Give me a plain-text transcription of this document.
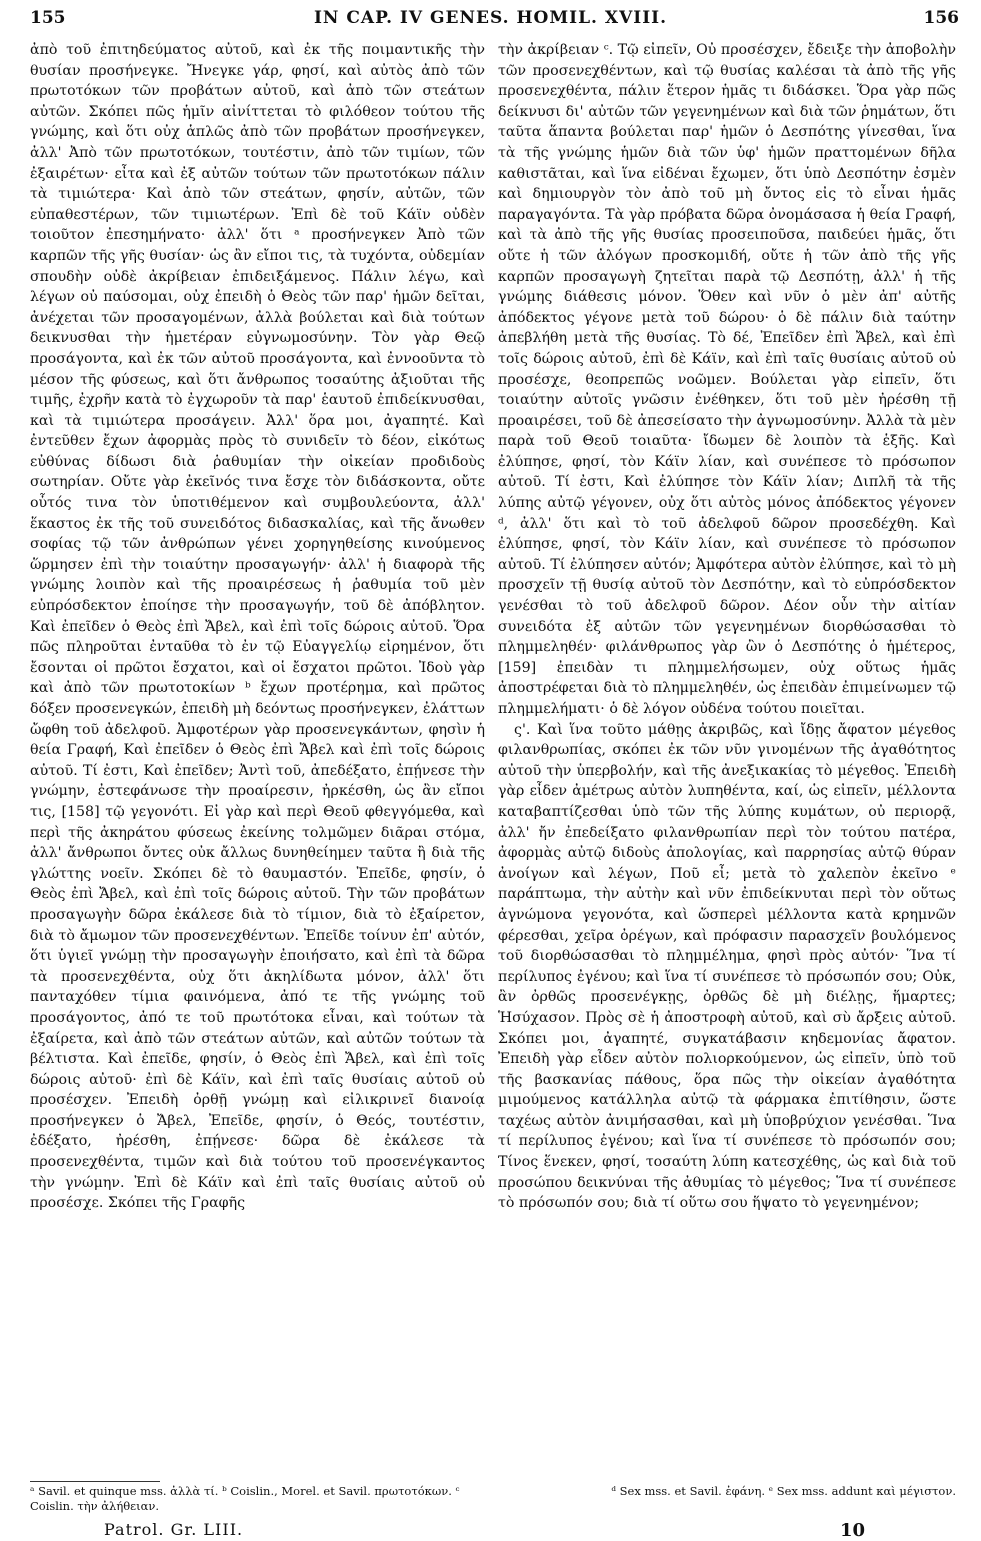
155	IN CAP. IV GENES. HOMIL. XVIII.	156

ἀπὸ τοῦ ἐπιτηδεύματος αὐτοῦ, καὶ ἐκ τῆς ποιμαντικῆς τὴν θυσίαν προσήνεγκε. Ἤνεγκε γάρ, φησί, καὶ αὐτὸς ἀπὸ τῶν πρωτοτόκων τῶν προβάτων αὐτοῦ, καὶ ἀπὸ τῶν στεάτων αὐτῶν. Σκόπει πῶς ἡμῖν αἰνίττεται τὸ φιλόθεον τούτου τῆς γνώμης, καὶ ὅτι οὐχ ἁπλῶς ἀπὸ τῶν προβάτων προσήνεγκεν, ἀλλ' Ἀπὸ τῶν πρωτοτόκων, τουτέστιν, ἀπὸ τῶν τιμίων, τῶν ἐξαιρέτων· εἶτα καὶ ἐξ αὐτῶν τούτων τῶν πρωτοτόκων πάλιν τὰ τιμιώτερα· Καὶ ἀπὸ τῶν στεάτων, φησίν, αὐτῶν, τῶν εὐπαθεστέρων, τῶν τιμιωτέρων. Ἐπὶ δὲ τοῦ Κάϊν οὐδὲν τοιοῦτον ἐπεσημήνατο· ἀλλ' ὅτι ᵃ προσήνεγκεν Ἀπὸ τῶν καρπῶν τῆς γῆς θυσίαν· ὡς ἂν εἴποι τις, τὰ τυχόντα, οὐδεμίαν σπουδὴν οὐδὲ ἀκρίβειαν ἐπιδειξάμενος. Πάλιν λέγω, καὶ λέγων οὐ παύσομαι, οὐχ ἐπειδὴ ὁ Θεὸς τῶν παρ' ἡμῶν δεῖται, ἀνέχεται τῶν προσαγομένων, ἀλλὰ βούλεται καὶ διὰ τούτων δεικνυσθαι τὴν ἡμετέραν εὐγνωμοσύνην. Τὸν γὰρ Θεῷ προσάγοντα, καὶ ἐκ τῶν αὐτοῦ προσάγοντα, καὶ ἐννοοῦντα τὸ μέσον τῆς φύσεως, καὶ ὅτι ἄνθρωπος τοσαύτης ἀξιοῦται τῆς τιμῆς, ἐχρῆν κατὰ τὸ ἐγχωροῦν τὰ παρ' ἑαυτοῦ ἐπιδείκνυσθαι, καὶ τὰ τιμιώτερα προσάγειν. Ἀλλ' ὅρα μοι, ἀγαπητέ. Καὶ ἐντεῦθεν ἔχων ἀφορμὰς πρὸς τὸ συνιδεῖν τὸ δέον, εἰκότως εὐθύνας δίδωσι διὰ ῥαθυμίαν τὴν οἰκείαν προδιδοὺς σωτηρίαν. Οὔτε γὰρ ἐκεῖνός τινα ἔσχε τὸν διδάσκοντα, οὔτε οὗτός τινα τὸν ὑποτιθέμενον καὶ συμβουλεύοντα, ἀλλ' ἕκαστος ἐκ τῆς τοῦ συνειδότος διδασκαλίας, καὶ τῆς ἄνωθεν σοφίας τῷ τῶν ἀνθρώπων γένει χορηγηθείσης κινούμενος ὥρμησεν ἐπὶ τὴν τοιαύτην προσαγωγήν· ἀλλ' ἡ διαφορὰ τῆς γνώμης λοιπὸν καὶ τῆς προαιρέσεως ἡ ῥαθυμία τοῦ μὲν εὐπρόσδεκτον ἐποίησε τὴν προσαγωγήν, τοῦ δὲ ἀπόβλητον. Καὶ ἐπεῖδεν ὁ Θεὸς ἐπὶ Ἄβελ, καὶ ἐπὶ τοῖς δώροις αὐτοῦ. Ὅρα πῶς πληροῦται ἐνταῦθα τὸ ἐν τῷ Εὐαγγελίῳ εἰρημένον, ὅτι ἔσονται οἱ πρῶτοι ἔσχατοι, καὶ οἱ ἔσχατοι πρῶτοι. Ἰδοὺ γὰρ καὶ ἀπὸ τῶν πρωτοτοκίων ᵇ ἔχων προτέρημα, καὶ πρῶτος δόξεν προσενεγκών, ἐπειδὴ μὴ δεόντως προσήνεγκεν, ἐλάττων ὤφθη τοῦ ἀδελφοῦ. Ἀμφοτέρων γὰρ προσενεγκάντων, φησὶν ἡ θεία Γραφή, Καὶ ἐπεῖδεν ὁ Θεὸς ἐπὶ Ἄβελ καὶ ἐπὶ τοῖς δώροις αὐτοῦ. Τί ἐστι, Καὶ ἐπεῖδεν; Ἀντὶ τοῦ, ἀπεδέξατο, ἐπῄνεσε τὴν γνώμην, ἐστεφάνωσε τὴν προαίρεσιν, ἠρκέσθη, ὡς ἂν εἴποι τις, [158] τῷ γεγονότι. Εἰ γὰρ καὶ περὶ Θεοῦ φθεγγόμεθα, καὶ περὶ τῆς ἀκηράτου φύσεως ἐκείνης τολμῶμεν διᾶραι στόμα, ἀλλ' ἄνθρωποι ὄντες οὐκ ἄλλως δυνηθείημεν ταῦτα ἢ διὰ τῆς γλώττης νοεῖν. Σκόπει δὲ τὸ θαυμαστόν. Ἐπεῖδε, φησίν, ὁ Θεὸς ἐπὶ Ἄβελ, καὶ ἐπὶ τοῖς δώροις αὐτοῦ. Τὴν τῶν προβάτων προσαγωγὴν δῶρα ἐκάλεσε διὰ τὸ τίμιον, διὰ τὸ ἐξαίρετον, διὰ τὸ ἄμωμον τῶν προσενεχθέντων. Ἐπεῖδε τοίνυν ἐπ' αὐτόν, ὅτι ὑγιεῖ γνώμῃ τὴν προσαγωγὴν ἐποιήσατο, καὶ ἐπὶ τὰ δῶρα τὰ προσενεχθέντα, οὐχ ὅτι ἀκηλίδωτα μόνον, ἀλλ' ὅτι πανταχόθεν τίμια φαινόμενα, ἀπό τε τῆς γνώμης τοῦ προσάγοντος, ἀπό τε τοῦ πρωτότοκα εἶναι, καὶ τούτων τὰ ἐξαίρετα, καὶ ἀπὸ τῶν στεάτων αὐτῶν, καὶ αὐτῶν τούτων τὰ βέλτιστα. Καὶ ἐπεῖδε, φησίν, ὁ Θεὸς ἐπὶ Ἄβελ, καὶ ἐπὶ τοῖς δώροις αὐτοῦ· ἐπὶ δὲ Κάϊν, καὶ ἐπὶ ταῖς θυσίαις αὐτοῦ οὐ προσέσχεν. Ἐπειδὴ ὀρθῇ γνώμῃ καὶ εἰλικρινεῖ διανοίᾳ προσήνεγκεν ὁ Ἄβελ, Ἐπεῖδε, φησίν, ὁ Θεός, τουτέστιν, ἐδέξατο, ἠρέσθη, ἐπῄνεσε· δῶρα δὲ ἐκάλεσε τὰ προσενεχθέντα, τιμῶν καὶ διὰ τούτου τοῦ προσενέγκαντος τὴν γνώμην. Ἐπὶ δὲ Κάϊν καὶ ἐπὶ ταῖς θυσίαις αὐτοῦ οὐ προσέσχε. Σκόπει τῆς Γραφῆς

τὴν ἀκρίβειαν ᶜ. Τῷ εἰπεῖν, Οὐ προσέσχεν, ἔδειξε τὴν ἀποβολὴν τῶν προσενεχθέντων, καὶ τῷ θυσίας καλέσαι τὰ ἀπὸ τῆς γῆς προσενεχθέντα, πάλιν ἕτερον ἡμᾶς τι διδάσκει. Ὅρα γὰρ πῶς δείκνυσι δι' αὐτῶν τῶν γεγενημένων καὶ διὰ τῶν ῥημάτων, ὅτι ταῦτα ἅπαντα βούλεται παρ' ἡμῶν ὁ Δεσπότης γίνεσθαι, ἵνα τὰ τῆς γνώμης ἡμῶν διὰ τῶν ὑφ' ἡμῶν πραττομένων δῆλα καθιστᾶται, καὶ ἵνα εἰδέναι ἔχωμεν, ὅτι ὑπὸ Δεσπότην ἐσμὲν καὶ δημιουργὸν τὸν ἀπὸ τοῦ μὴ ὄντος εἰς τὸ εἶναι ἡμᾶς παραγαγόντα. Τὰ γὰρ πρόβατα δῶρα ὀνομάσασα ἡ θεία Γραφή, καὶ τὰ ἀπὸ τῆς γῆς θυσίας προσειποῦσα, παιδεύει ἡμᾶς, ὅτι οὔτε ἡ τῶν ἀλόγων προσκομιδή, οὔτε ἡ τῶν ἀπὸ τῆς γῆς καρπῶν προσαγωγὴ ζητεῖται παρὰ τῷ Δεσπότῃ, ἀλλ' ἡ τῆς γνώμης διάθεσις μόνον. Ὅθεν καὶ νῦν ὁ μὲν ἀπ' αὐτῆς ἀπόδεκτος γέγονε μετὰ τοῦ δώρου· ὁ δὲ πάλιν διὰ ταύτην ἀπεβλήθη μετὰ τῆς θυσίας. Τὸ δέ, Ἐπεῖδεν ἐπὶ Ἄβελ, καὶ ἐπὶ τοῖς δώροις αὐτοῦ, ἐπὶ δὲ Κάϊν, καὶ ἐπὶ ταῖς θυσίαις αὐτοῦ οὐ προσέσχε, θεοπρεπῶς νοῶμεν. Βούλεται γὰρ εἰπεῖν, ὅτι τοιαύτην αὐτοῖς γνῶσιν ἐνέθηκεν, ὅτι τοῦ μὲν ἠρέσθη τῇ προαιρέσει, τοῦ δὲ ἀπεσείσατο τὴν ἀγνωμοσύνην. Ἀλλὰ τὰ μὲν παρὰ τοῦ Θεοῦ τοιαῦτα· ἴδωμεν δὲ λοιπὸν τὰ ἑξῆς. Καὶ ἐλύπησε, φησί, τὸν Κάϊν λίαν, καὶ συνέπεσε τὸ πρόσωπον αὐτοῦ. Τί ἐστι, Καὶ ἐλύπησε τὸν Κάϊν λίαν; Διπλῆ τὰ τῆς λύπης αὐτῷ γέγονεν, οὐχ ὅτι αὐτὸς μόνος ἀπόδεκτος γέγονεν ᵈ, ἀλλ' ὅτι καὶ τὸ τοῦ ἀδελφοῦ δῶρον προσεδέχθη. Καὶ ἐλύπησε, φησί, τὸν Κάϊν λίαν, καὶ συνέπεσε τὸ πρόσωπον αὐτοῦ. Τί ἐλύπησεν αὐτόν; Ἀμφότερα αὐτὸν ἐλύπησε, καὶ τὸ μὴ προσχεῖν τῇ θυσίᾳ αὐτοῦ τὸν Δεσπότην, καὶ τὸ εὐπρόσδεκτον γενέσθαι τὸ τοῦ ἀδελφοῦ δῶρον. Δέον οὖν τὴν αἰτίαν συνειδότα ἐξ αὐτῶν τῶν γεγενημένων διορθώσασθαι τὸ πλημμεληθέν· φιλάνθρωπος γὰρ ὢν ὁ Δεσπότης ὁ ἡμέτερος, [159] ἐπειδὰν τι πλημμελήσωμεν, οὐχ οὕτως ἡμᾶς ἀποστρέφεται διὰ τὸ πλημμεληθέν, ὡς ἐπειδὰν ἐπιμείνωμεν τῷ πλημμελήματι· ὁ δὲ λόγον οὐδένα τούτου ποιεῖται.

ς'. Καὶ ἵνα τοῦτο μάθῃς ἀκριβῶς, καὶ ἴδῃς ἄφατον μέγεθος φιλανθρωπίας, σκόπει ἐκ τῶν νῦν γινομένων τῆς ἀγαθότητος αὐτοῦ τὴν ὑπερβολήν, καὶ τῆς ἀνεξικακίας τὸ μέγεθος. Ἐπειδὴ γὰρ εἶδεν ἀμέτρως αὐτὸν λυπηθέντα, καί, ὡς εἰπεῖν, μέλλοντα καταβαπτίζεσθαι ὑπὸ τῶν τῆς λύπης κυμάτων, οὐ περιορᾷ, ἀλλ' ἤν ἐπεδείξατο φιλανθρωπίαν περὶ τὸν τούτου πατέρα, ἀφορμὰς αὐτῷ διδοὺς ἀπολογίας, καὶ παρρησίας αὐτῷ θύραν ἀνοίγων καὶ λέγων, Ποῦ εἶ; μετὰ τὸ χαλεπὸν ἐκεῖνο ᵉ παράπτωμα, τὴν αὐτὴν καὶ νῦν ἐπιδείκνυται περὶ τὸν οὕτως ἀγνώμονα γεγονότα, καὶ ὥσπερεὶ μέλλοντα κατὰ κρημνῶν φέρεσθαι, χεῖρα ὀρέγων, καὶ πρόφασιν παρασχεῖν βουλόμενος τοῦ διορθώσασθαι τὸ πλημμέλημα, φησὶ πρὸς αὐτόν· Ἵνα τί περίλυπος ἐγένου; καὶ ἵνα τί συνέπεσε τὸ πρόσωπόν σου; Οὐκ, ἂν ὀρθῶς προσενέγκῃς, ὀρθῶς δὲ μὴ διέλῃς, ἥμαρτες; Ἡσύχασον. Πρὸς σὲ ἡ ἀποστροφὴ αὐτοῦ, καὶ σὺ ἄρξεις αὐτοῦ. Σκόπει μοι, ἀγαπητέ, συγκατάβασιν κηδεμονίας ἄφατον. Ἐπειδὴ γὰρ εἶδεν αὐτὸν πολιορκούμενον, ὡς εἰπεῖν, ὑπὸ τοῦ τῆς βασκανίας πάθους, ὅρα πῶς τὴν οἰκείαν ἀγαθότητα μιμούμενος κατάλληλα αὐτῷ τὰ φάρμακα ἐπιτίθησιν, ὥστε ταχέως αὐτὸν ἀνιμήσασθαι, καὶ μὴ ὑποβρύχιον γενέσθαι. Ἵνα τί περίλυπος ἐγένου; καὶ ἵνα τί συνέπεσε τὸ πρόσωπόν σου; Τίνος ἕνεκεν, φησί, τοσαύτη λύπη κατεσχέθης, ὡς καὶ διὰ τοῦ προσώπου δεικνύναι τῆς ἀθυμίας τὸ μέγεθος; Ἵνα τί συνέπεσε τὸ πρόσωπόν σου; διὰ τί οὕτω σου ἥψατο τὸ γεγενημένον;

ᵃ Savil. et quinque mss. ἀλλὰ τί. ᵇ Coislin., Morel. et Savil. πρωτοτόκων. ᶜ Coislin. τὴν ἀλήθειαν.
ᵈ Sex mss. et Savil. ἐφάνη. ᵉ Sex mss. addunt καὶ μέγιστον.
Patrol. Gr. LIII.	10
